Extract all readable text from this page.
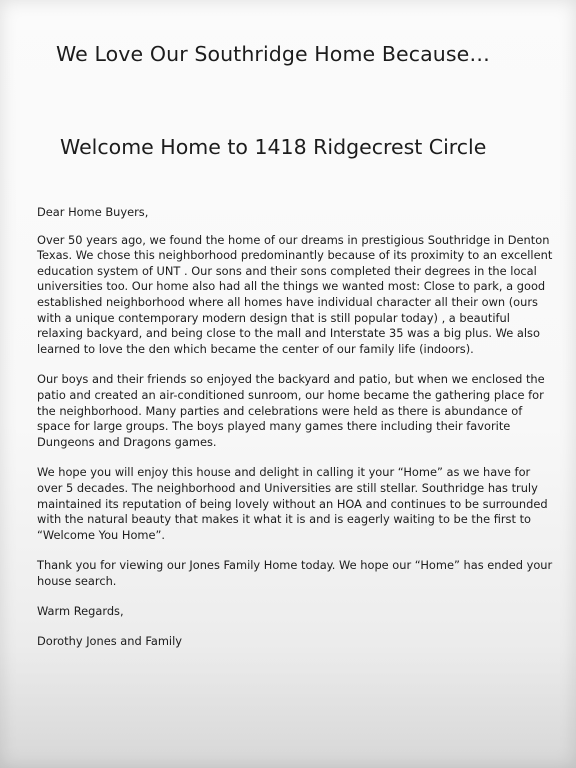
We Love Our Southridge Home Because…
Welcome Home to 1418 Ridgecrest Circle

Dear Home Buyers,

Over 50 years ago, we found the home of our dreams in prestigious Southridge in Denton Texas. We chose this neighborhood predominantly because of its proximity to an excellent education system of UNT . Our sons and their sons completed their degrees in the local universities too. Our home also had all the things we wanted most: Close to park, a good established neighborhood where all homes have individual character all their own (ours with a unique contemporary modern design that is still popular today) , a beautiful relaxing backyard, and being close to the mall and Interstate 35 was a big plus. We also learned to love the den which became the center of our family life (indoors).

Our boys and their friends so enjoyed the backyard and patio, but when we enclosed the patio and created an air-conditioned sunroom, our home became the gathering place for the neighborhood. Many parties and celebrations were held as there is abundance of space for large groups. The boys played many games there including their favorite Dungeons and Dragons games.

We hope you will enjoy this house and delight in calling it your “Home” as we have for over 5 decades. The neighborhood and Universities are still stellar. Southridge has truly maintained its reputation of being lovely without an HOA and continues to be surrounded with the natural beauty that makes it what it is and is eagerly waiting to be the first to “Welcome You Home”.

Thank you for viewing our Jones Family Home today. We hope our “Home” has ended your house search.

Warm Regards,

Dorothy Jones and Family
